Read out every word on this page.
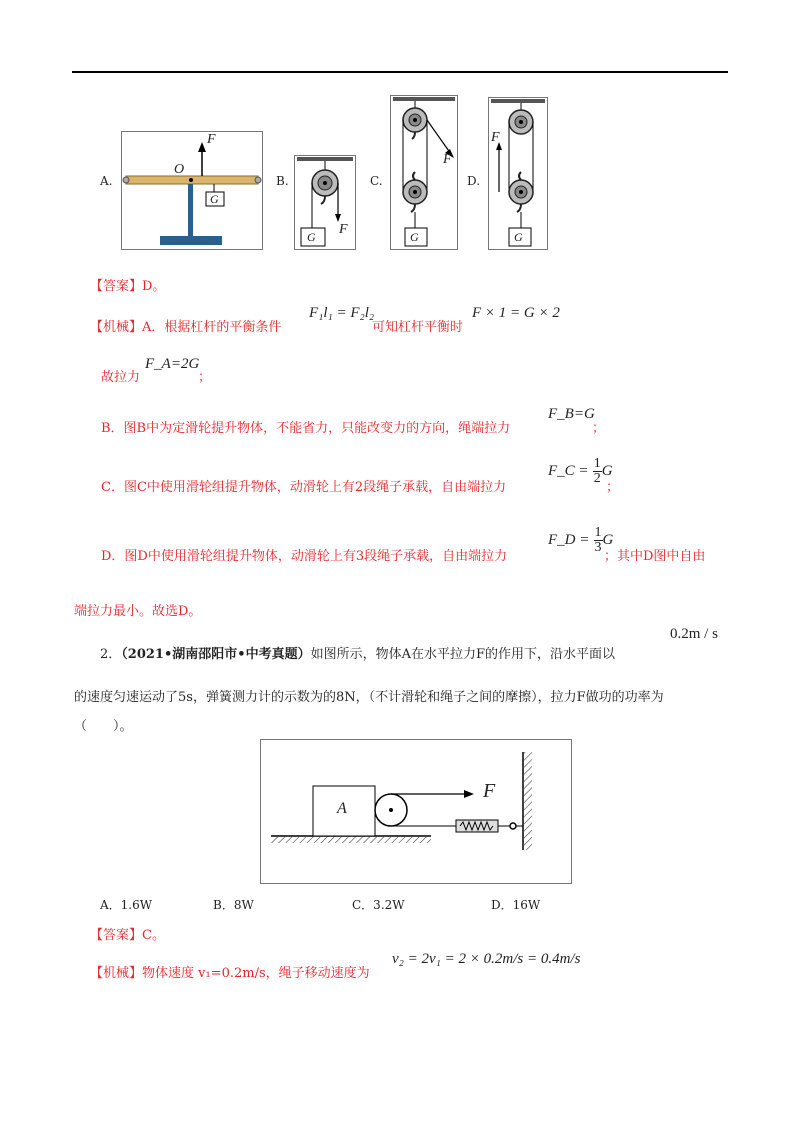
A.	B.	C.	D.
F
O
G
G F	G
F
G
F
【答案】D。
【机械】A．根据杠杆的平衡条件
F₁l₁ = F₂l₂
可知杠杆平衡时
F × 1 = G × 2
故拉力
F_A=2G
；
B．图B中为定滑轮提升物体，不能省力，只能改变力的方向，绳端拉力
F_B=G
；
C．图C中使用滑轮组提升物体，动滑轮上有2段绳子承载，自由端拉力
F_C = $\frac{1}{2}$ G
；
D．图D中使用滑轮组提升物体，动滑轮上有3段绳子承载，自由端拉力
F_D = $\frac{1}{3}$ G
；其中D图中自由
端拉力最小。故选D。
2．（2021•湖南邵阳市•中考真题）如图所示，物体A在水平拉力F的作用下，沿水平面以
0.2m / s
的速度匀速运动了5s，弹簧测力计的示数为的8N，（不计滑轮和绳子之间的摩擦），拉力F做功的功率为
（　　）。
A
F
A．1.6W	B．8W	C．3.2W	D．16W
【答案】C。
【机械】物体速度 v₁=0.2m/s，绳子移动速度为
v₂ = 2v₁ = 2 × 0.2m/s = 0.4m/s
